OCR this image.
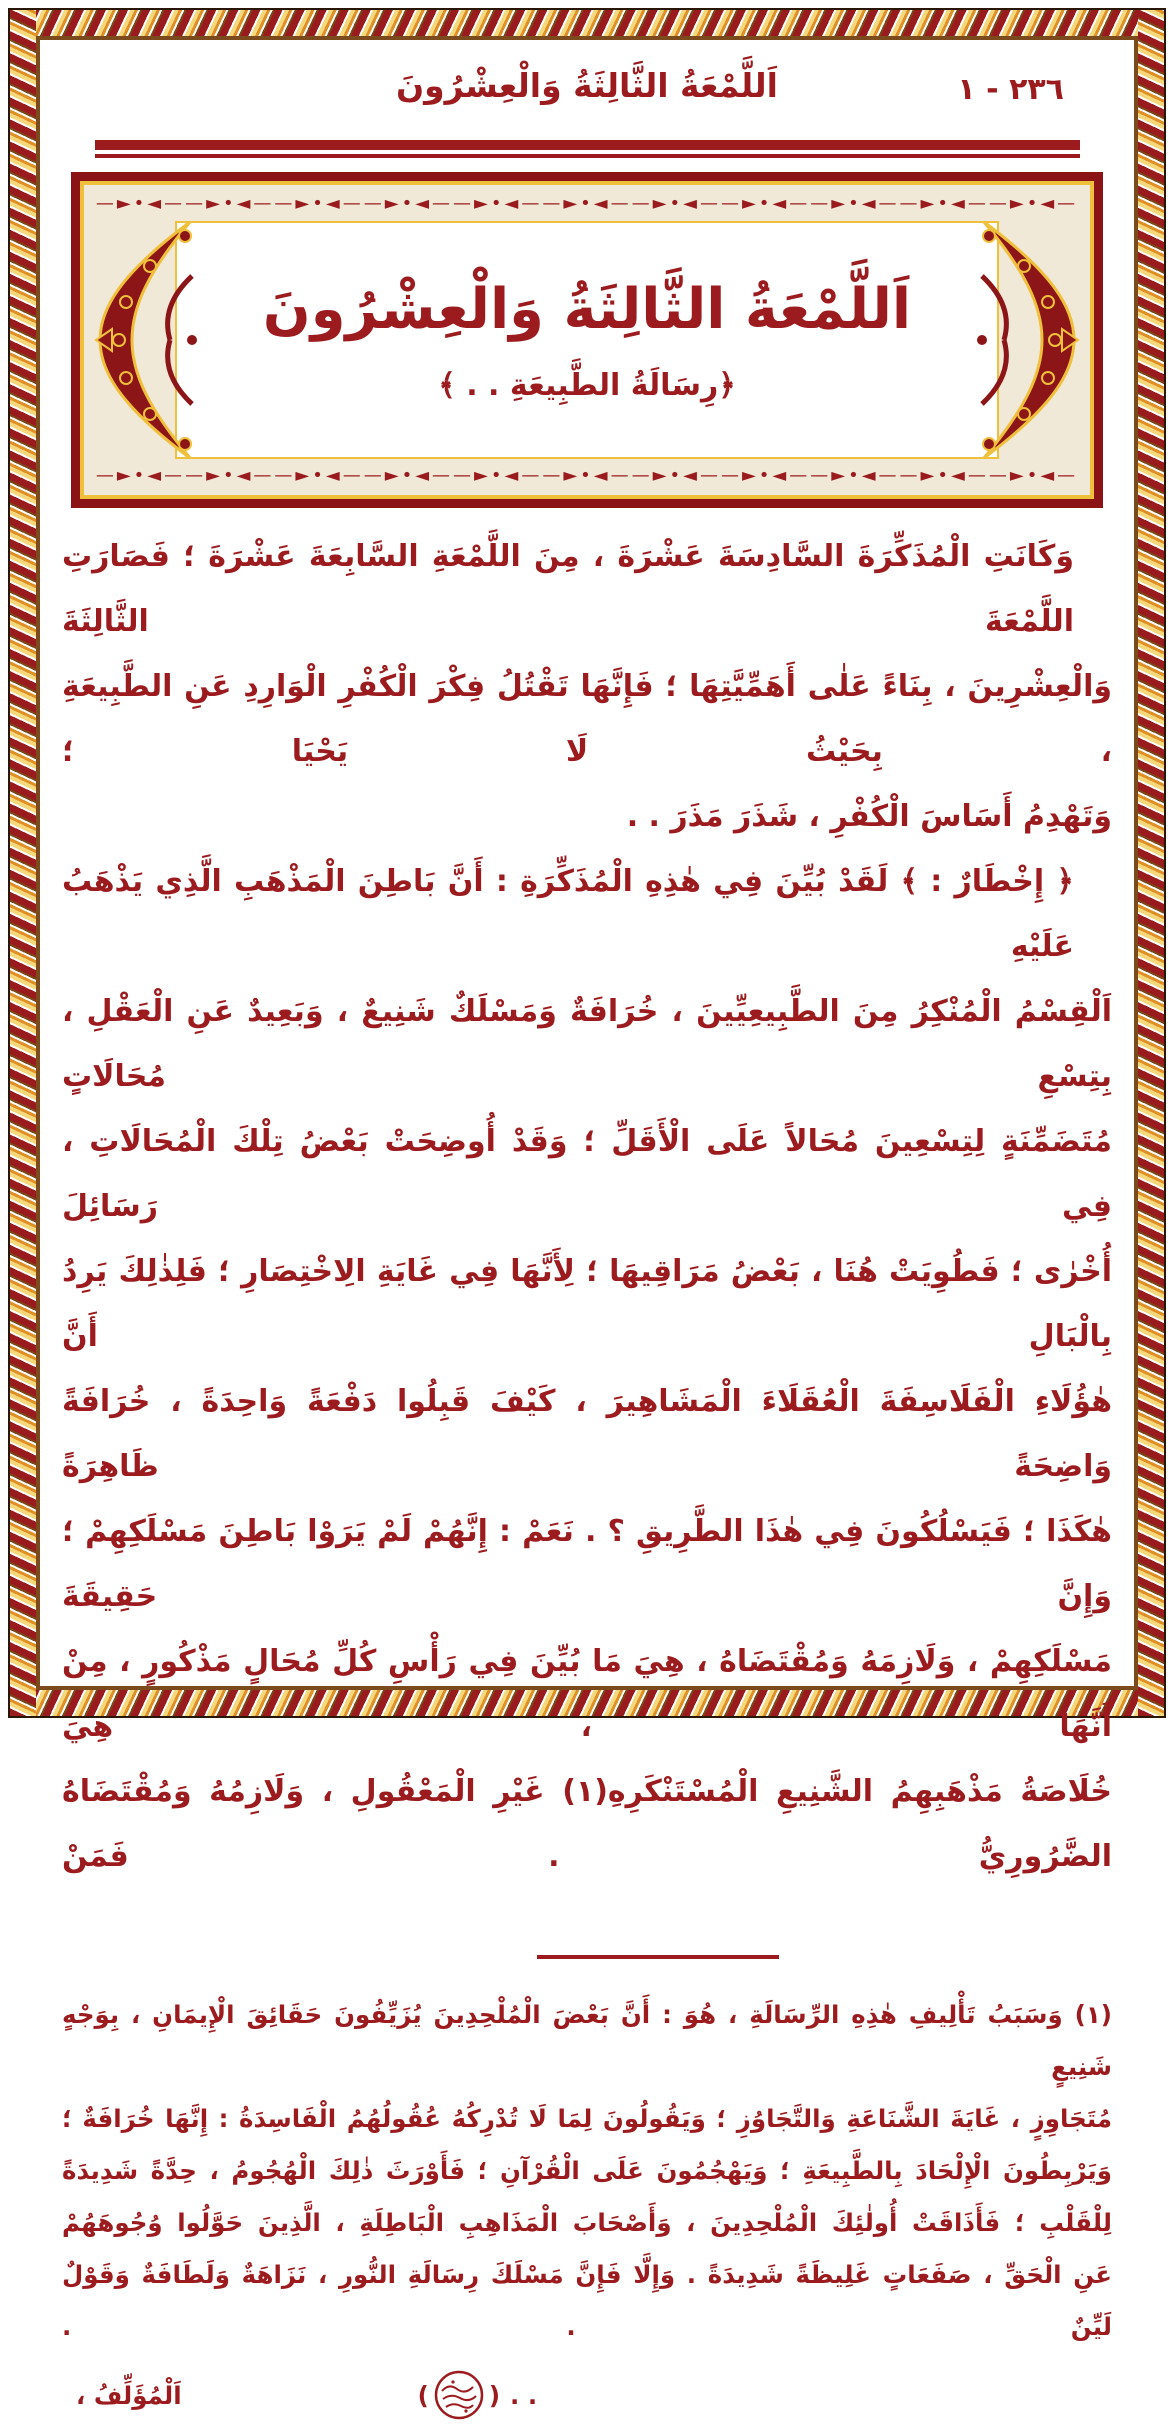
اَللَّمْعَةُ الثَّالِثَةُ وَالْعِشْرُونَ	٢٣٦ - ١
—►•◄——►•◄——►•◄——►•◄——►•◄——►•◄——►•◄——►•◄——►•◄——►•◄——►•◄—
—►•◄——►•◄——►•◄——►•◄——►•◄——►•◄——►•◄——►•◄——►•◄——►•◄——►•◄—
اَللَّمْعَةُ الثَّالِثَةُ وَالْعِشْرُونَ
﴿رِسَالَةُ الطَّبِيعَةِ . . ﴾
وَكَانَتِ الْمُذَكِّرَةَ السَّادِسَةَ عَشْرَةَ ، مِنَ اللَّمْعَةِ السَّابِعَةَ عَشْرَةَ ؛ فَصَارَتِ اللَّمْعَةَ الثَّالِثَةَ
وَالْعِشْرِينَ ، بِنَاءً عَلٰى أَهَمِّيَّتِهَا ؛ فَإِنَّهَا تَقْتُلُ فِكْرَ الْكُفْرِ الْوَارِدِ عَنِ الطَّبِيعَةِ ، بِحَيْثُ لَا يَحْيَا ؛
وَتَهْدِمُ أَسَاسَ الْكُفْرِ ، شَذَرَ مَذَرَ . .
﴿ إِخْطَارٌ : ﴾ لَقَدْ بُيِّنَ فِي هٰذِهِ الْمُذَكِّرَةِ : أَنَّ بَاطِنَ الْمَذْهَبِ الَّذِي يَذْهَبُ عَلَيْهِ
اَلْقِسْمُ الْمُنْكِرُ مِنَ الطَّبِيعِيِّينَ ، خُرَافَةٌ وَمَسْلَكٌ شَنِيعٌ ، وَبَعِيدٌ عَنِ الْعَقْلِ ، بِتِسْعِ مُحَالَاتٍ
مُتَضَمِّنَةٍ لِتِسْعِينَ مُحَالاً عَلَى الْأَقَلِّ ؛ وَقَدْ أُوضِحَتْ بَعْضُ تِلْكَ الْمُحَالَاتِ ، فِي رَسَائِلَ
أُخْرٰى ؛ فَطُوِيَتْ هُنَا ، بَعْضُ مَرَاقِيهَا ؛ لِأَنَّهَا فِي غَايَةِ الِاخْتِصَارِ ؛ فَلِذٰلِكَ يَرِدُ بِالْبَالِ أَنَّ
هٰؤُلَاءِ الْفَلَاسِفَةَ الْعُقَلَاءَ الْمَشَاهِيرَ ، كَيْفَ قَبِلُوا دَفْعَةً وَاحِدَةً ، خُرَافَةً وَاضِحَةً ظَاهِرَةً
هٰكَذَا ؛ فَيَسْلُكُونَ فِي هٰذَا الطَّرِيقِ ؟ . نَعَمْ : إِنَّهُمْ لَمْ يَرَوْا بَاطِنَ مَسْلَكِهِمْ ؛ وَإِنَّ حَقِيقَةَ
مَسْلَكِهِمْ ، وَلَازِمَهُ وَمُقْتَضَاهُ ، هِيَ مَا بُيِّنَ فِي رَأْسِ كُلِّ مُحَالٍ مَذْكُورٍ ، مِنْ أَنَّهَا ، هِيَ
خُلَاصَةُ مَذْهَبِهِمُ الشَّنِيعِ الْمُسْتَنْكَرِهِ(١) غَيْرِ الْمَعْقُولِ ، وَلَازِمُهُ وَمُقْتَضَاهُ الضَّرُورِيُّ . فَمَنْ
(١) وَسَبَبُ تَأْلِيفِ هٰذِهِ الرِّسَالَةِ ، هُوَ : أَنَّ بَعْضَ الْمُلْحِدِينَ يُزَيِّفُونَ حَقَائِقَ الْإِيمَانِ ، بِوَجْهٍ شَنِيعٍ
مُتَجَاوِزٍ ، غَايَةَ الشَّنَاعَةِ وَالتَّجَاوُزِ ؛ وَيَقُولُونَ لِمَا لَا تُدْرِكُهُ عُقُولُهُمُ الْفَاسِدَةُ : إِنَّهَا خُرَافَةٌ ؛
وَيَرْبِطُونَ الْإِلْحَادَ بِالطَّبِيعَةِ ؛ وَيَهْجُمُونَ عَلَى الْقُرْآنِ ؛ فَأَوْرَثَ ذٰلِكَ الْهُجُومُ ، حِدَّةً شَدِيدَةً
لِلْقَلْبِ ؛ فَأَذَاقَتْ أُولٰئِكَ الْمُلْحِدِينَ ، وَأَصْحَابَ الْمَذَاهِبِ الْبَاطِلَةِ ، الَّذِينَ حَوَّلُوا وُجُوهَهُمْ
عَنِ الْحَقِّ ، صَفَعَاتٍ غَلِيظَةً شَدِيدَةً . وَإِلَّا فَإِنَّ مَسْلَكَ رِسَالَةِ النُّورِ ، نَزَاهَةٌ وَلَطَافَةٌ وَقَوْلٌ لَيِّنٌ . .
اَلْمُؤَلِّفُ ،	( ) . .
